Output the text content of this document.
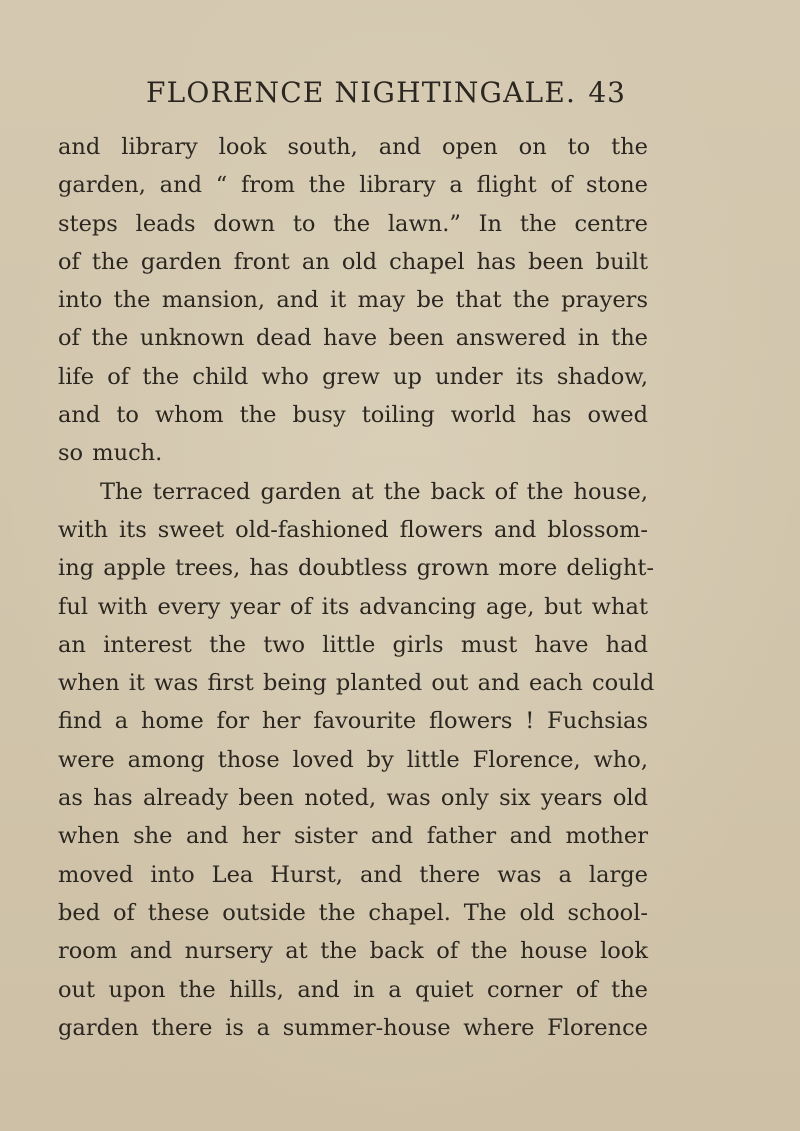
FLORENCE NIGHTINGALE. 43
and library look south, and open on to the
garden, and “ from the library a flight of stone
steps leads down to the lawn.” In the centre
of the garden front an old chapel has been built
into the mansion, and it may be that the prayers
of the unknown dead have been answered in the
life of the child who grew up under its shadow,
and to whom the busy toiling world has owed
so much.
The terraced garden at the back of the house,
with its sweet old-fashioned flowers and blossom-
ing apple trees, has doubtless grown more delight-
ful with every year of its advancing age, but what
an interest the two little girls must have had
when it was first being planted out and each could
find a home for her favourite flowers ! Fuchsias
were among those loved by little Florence, who,
as has already been noted, was only six years old
when she and her sister and father and mother
moved into Lea Hurst, and there was a large
bed of these outside the chapel. The old school-
room and nursery at the back of the house look
out upon the hills, and in a quiet corner of the
garden there is a summer-house where Florence
